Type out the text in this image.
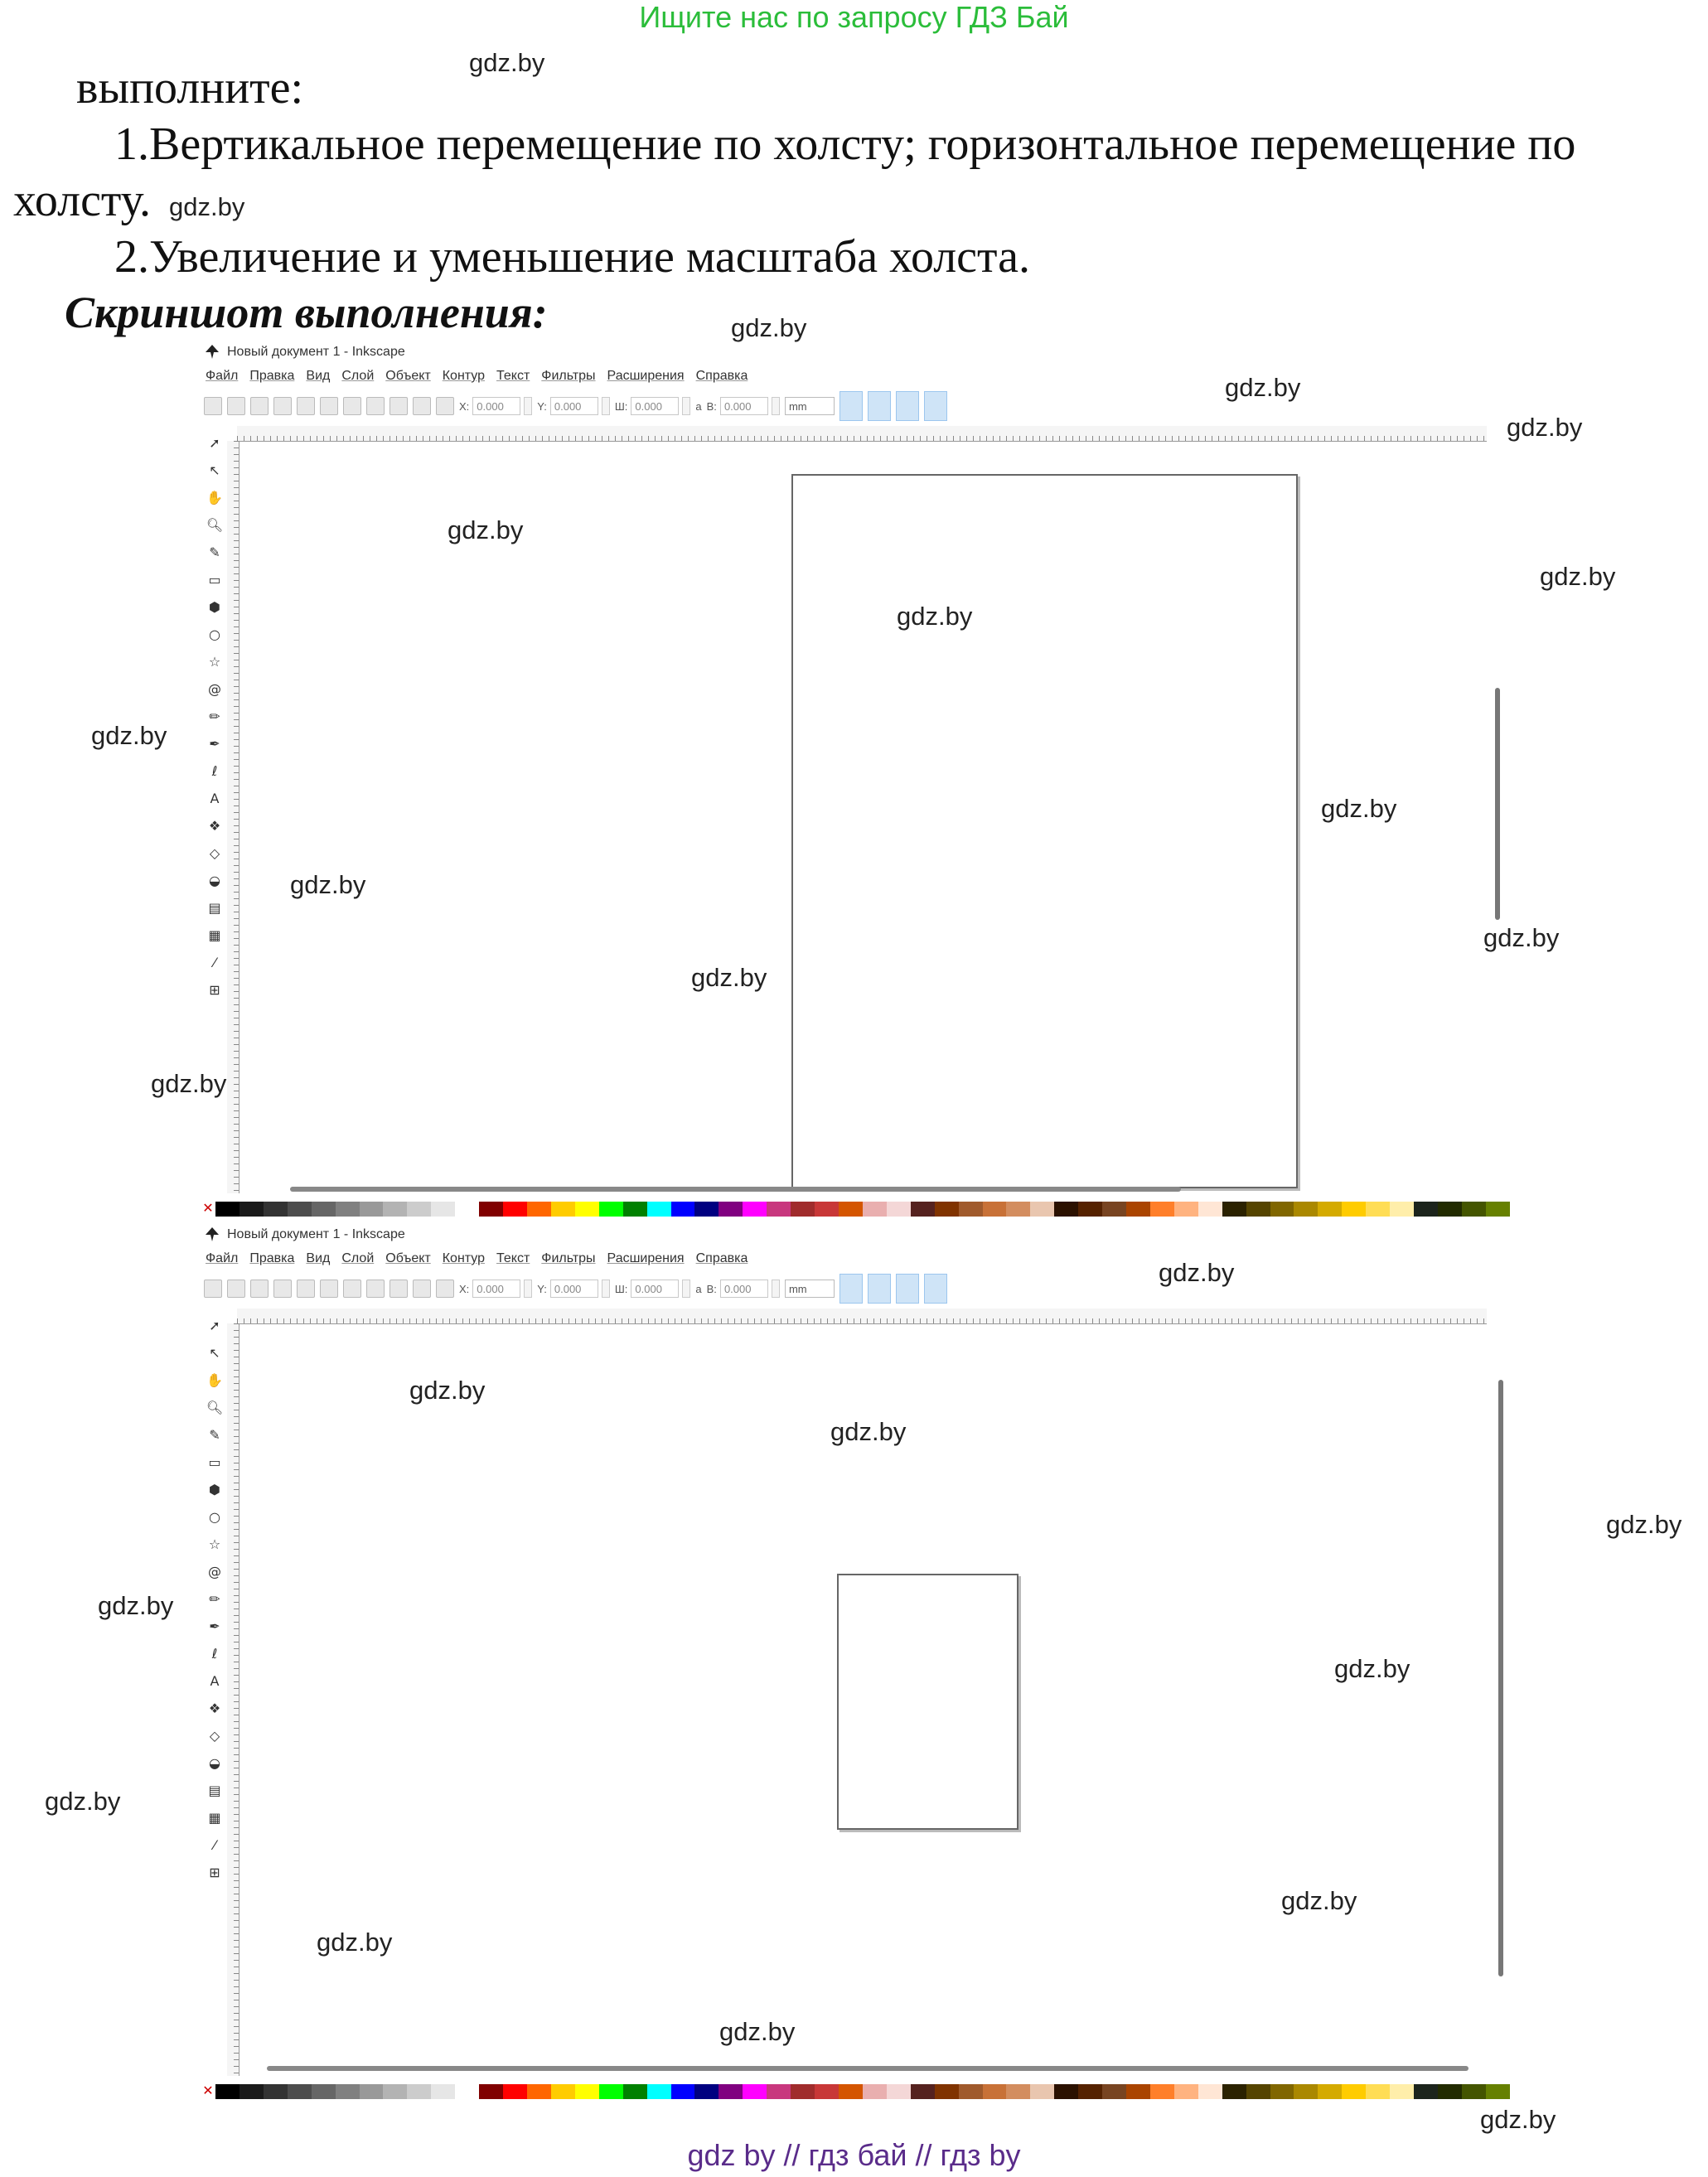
Ищите нас по запросу ГДЗ Бай
выполните:
1.Вертикальное перемещение по холсту; горизонтальное перемещение по
холсту.
2.Увеличение и уменьшение масштаба холста.
Скриншот выполнения:
Новый документ 1 - Inkscape
Файл Правка Вид Слой Объект Контур Текст Фильтры Расширения Справка
X: 0.000	Y: 0.000	Ш: 0.000	a В: 0.000	mm
➚
↖
✋
🔍︎
✎
▭
⬢
○
☆
@
✏
✒
ℓ
A
❖
◇
◒
▤
▦
⁄
⊞
✕
Новый документ 1 - Inkscape
Файл Правка Вид Слой Объект Контур Текст Фильтры Расширения Справка
X: 0.000	Y: 0.000	Ш: 0.000	a В: 0.000	mm
➚
↖
✋
🔍︎
✎
▭
⬢
○
☆
@
✏
✒
ℓ
A
❖
◇
◒
▤
▦
⁄
⊞
✕
gdz.by
gdz.by
gdz.by
gdz.by
gdz.by
gdz.by
gdz.by
gdz.by
gdz.by
gdz.by
gdz.by
gdz.by
gdz.by
gdz.by
gdz.by
gdz.by
gdz.by
gdz.by
gdz.by
gdz.by
gdz.by
gdz.by
gdz.by
gdz.by
gdz.by
gdz by // гдз бай // гдз by
